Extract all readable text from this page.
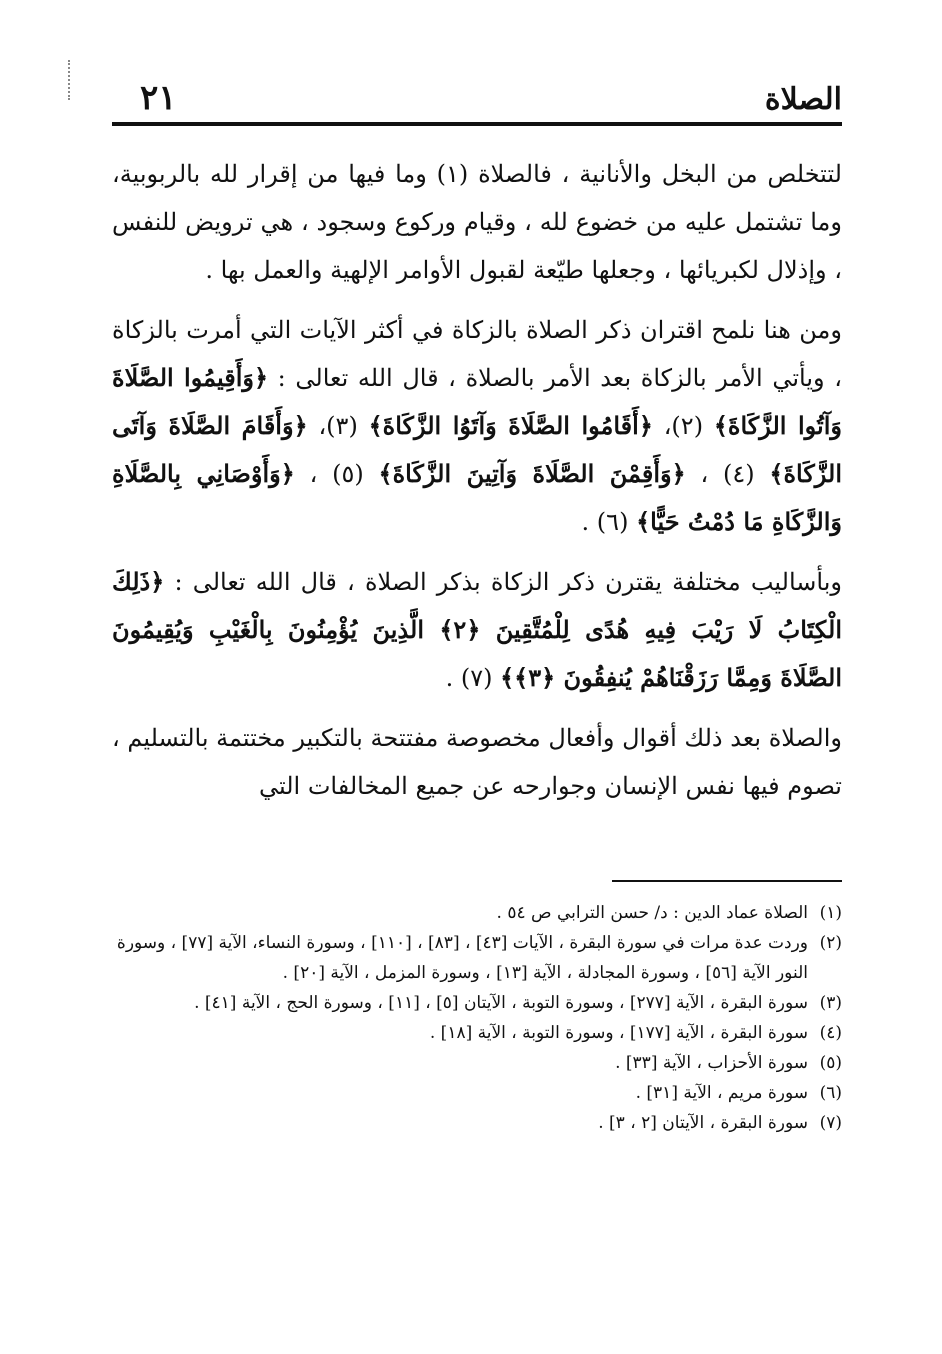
الصلاة
٢١

لتتخلص من البخل والأنانية ، فالصلاة (١) وما فيها من إقرار لله بالربوبية، وما تشتمل عليه من خضوع لله ، وقيام وركوع وسجود ، هي ترويض للنفس ، وإذلال لكبريائها ، وجعلها طيّعة لقبول الأوامر الإلهية والعمل بها .

ومن هنا نلمح اقتران ذكر الصلاة بالزكاة في أكثر الآيات التي أمرت بالزكاة ، ويأتي الأمر بالزكاة بعد الأمر بالصلاة ، قال الله تعالى : ﴿وَأَقِيمُوا الصَّلَاةَ وَآتُوا الزَّكَاةَ﴾ (٢)، ﴿أَقَامُوا الصَّلَاةَ وَآتَوُا الزَّكَاةَ﴾ (٣)، ﴿وَأَقَامَ الصَّلَاةَ وَآتَى الزَّكَاةَ﴾ (٤) ، ﴿وَأَقِمْنَ الصَّلَاةَ وَآتِينَ الزَّكَاةَ﴾ (٥) ، ﴿وَأَوْصَانِي بِالصَّلَاةِ وَالزَّكَاةِ مَا دُمْتُ حَيًّا﴾ (٦) .

وبأساليب مختلفة يقترن ذكر الزكاة بذكر الصلاة ، قال الله تعالى : ﴿ذَلِكَ الْكِتَابُ لَا رَيْبَ فِيهِ هُدًى لِلْمُتَّقِينَ ﴿٢﴾ الَّذِينَ يُؤْمِنُونَ بِالْغَيْبِ وَيُقِيمُونَ الصَّلَاةَ وَمِمَّا رَزَقْنَاهُمْ يُنفِقُونَ ﴿٣﴾﴾ (٧) .

والصلاة بعد ذلك أقوال وأفعال مخصوصة مفتتحة بالتكبير مختتمة بالتسليم ، تصوم فيها نفس الإنسان وجوارحه عن جميع المخالفات التي

(١)الصلاة عماد الدين : د/ حسن الترابي ص ٥٤ .

(٢)وردت عدة مرات في سورة البقرة ، الآيات [٤٣] ، [٨٣] ، [١١٠] ، وسورة النساء، الآية [٧٧] ، وسورة النور الآية [٥٦] ، وسورة المجادلة ، الآية [١٣] ، وسورة المزمل ، الآية [٢٠] .

(٣)سورة البقرة ، الآية [٢٧٧] ، وسورة التوبة ، الآيتان [٥] ، [١١] ، وسورة الحج ، الآية [٤١] .

(٤)سورة البقرة ، الآية [١٧٧] ، وسورة التوبة ، الآية [١٨] .

(٥)سورة الأحزاب ، الآية [٣٣] .

(٦)سورة مريم ، الآية [٣١] .

(٧)سورة البقرة ، الآيتان [٢ ، ٣] .
